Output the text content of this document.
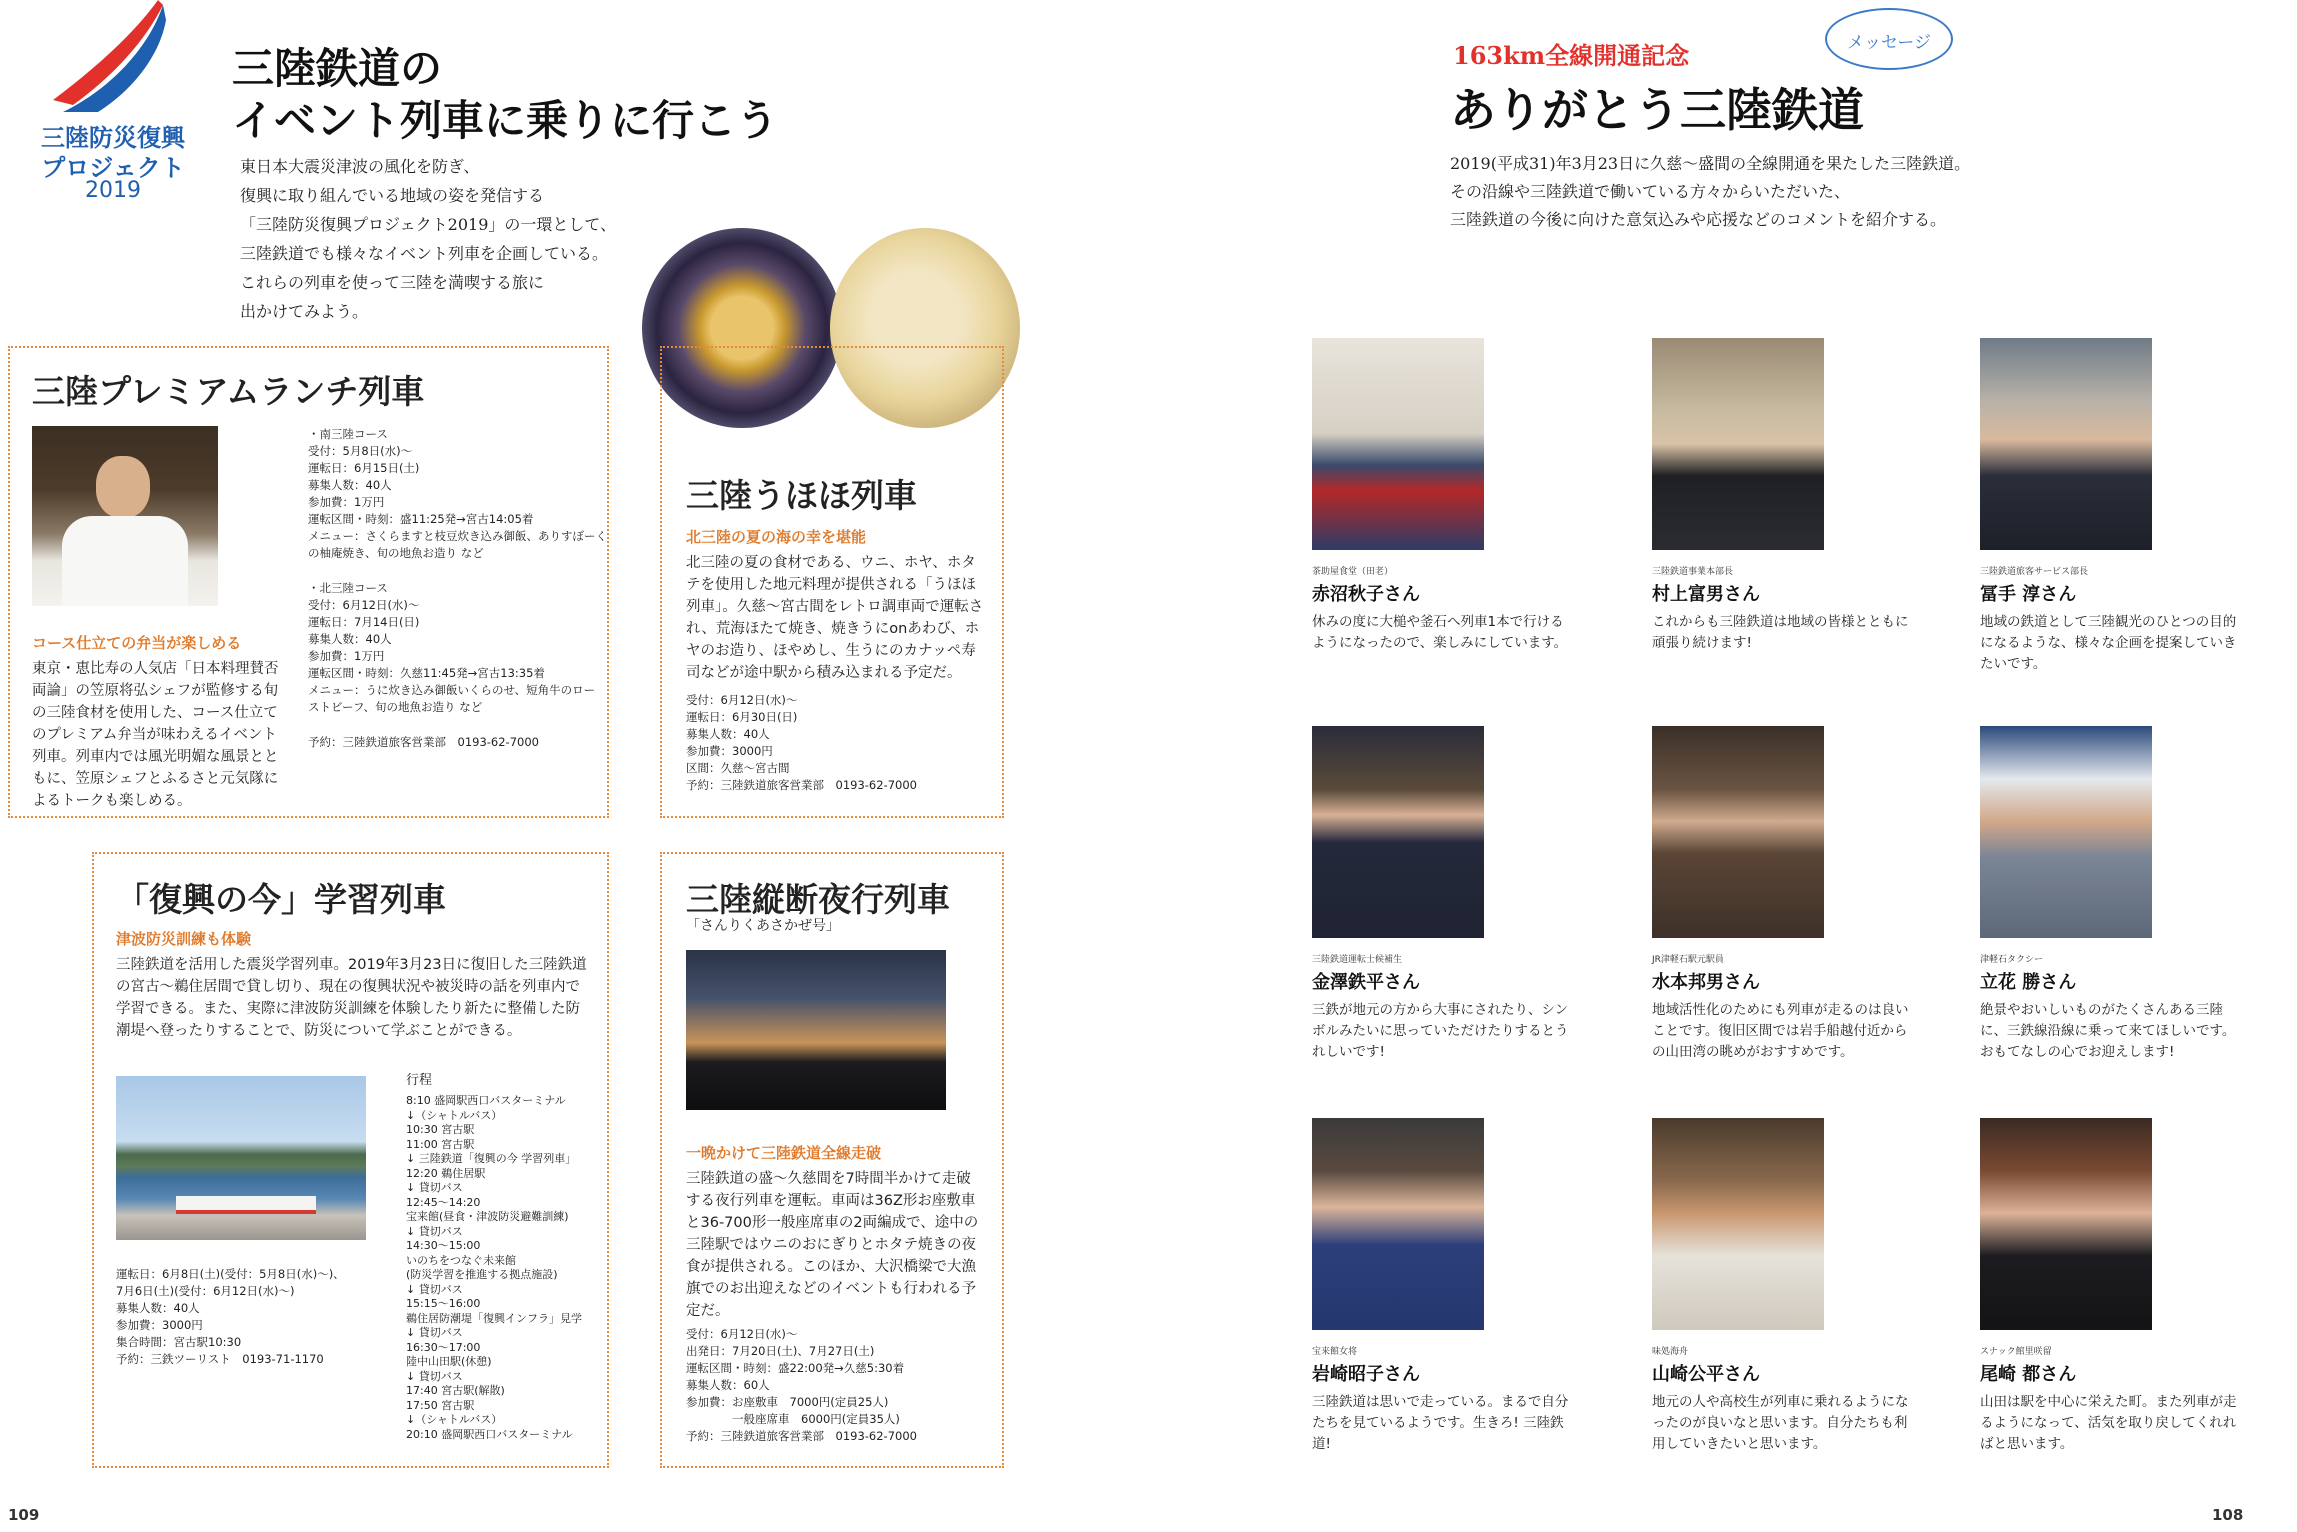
三陸防災復興
プロジェクト
2019
三陸鉄道の
イベント列車に乗りに行こう
東日本大震災津波の風化を防ぎ、
復興に取り組んでいる地域の姿を発信する
「三陸防災復興プロジェクト2019」の一環として、
三陸鉄道でも様々なイベント列車を企画している。
これらの列車を使って三陸を満喫する旅に
出かけてみよう。
三陸プレミアムランチ列車
コース仕立ての弁当が楽しめる
東京・恵比寿の人気店「日本料理賛否両論」の笠原将弘シェフが監修する旬の三陸食材を使用した、コース仕立てのプレミアム弁当が味わえるイベント列車。列車内では風光明媚な風景とともに、笠原シェフとふるさと元気隊によるトークも楽しめる。
・南三陸コース
受付：5月8日(水)～
運転日：6月15日(土)
募集人数：40人
参加費：1万円
運転区間・時刻：盛11:25発→宮古14:05着
メニュー：さくらますと枝豆炊き込み御飯、ありすぼーく
の柚庵焼き、旬の地魚お造り など
・北三陸コース
受付：6月12日(水)～
運転日：7月14日(日)
募集人数：40人
参加費：1万円
運転区間・時刻：久慈11:45発→宮古13:35着
メニュー：うに炊き込み御飯いくらのせ、短角牛のロー
ストビーフ、旬の地魚お造り など
予約：三陸鉄道旅客営業部　0193-62-7000
三陸うほほ列車
北三陸の夏の海の幸を堪能
北三陸の夏の食材である、ウニ、ホヤ、ホタテを使用した地元料理が提供される「うほほ列車」。久慈～宮古間をレトロ調車両で運転され、荒海ほたて焼き、焼きうにonあわび、ホヤのお造り、ほやめし、生うにのカナッペ寿司などが途中駅から積み込まれる予定だ。
受付：6月12日(水)～
運転日：6月30日(日)
募集人数：40人
参加費：3000円
区間：久慈～宮古間
予約：三陸鉄道旅客営業部　0193-62-7000
「復興の今」学習列車
津波防災訓練も体験
三陸鉄道を活用した震災学習列車。2019年3月23日に復旧した三陸鉄道の宮古～鵜住居間で貸し切り、現在の復興状況や被災時の話を列車内で学習できる。また、実際に津波防災訓練を体験したり新たに整備した防潮堤へ登ったりすることで、防災について学ぶことができる。
運転日：6月8日(土)(受付：5月8日(水)～)、
7月6日(土)(受付：6月12日(水)～)
募集人数：40人
参加費：3000円
集合時間：宮古駅10:30
予約：三鉄ツーリスト　0193-71-1170
行程
8:10 盛岡駅西口バスターミナル
↓（シャトルバス）
10:30 宮古駅
11:00 宮古駅
↓ 三陸鉄道「復興の今 学習列車」
12:20 鵜住居駅
↓ 貸切バス
12:45～14:20
宝来館(昼食・津波防災避難訓練)
↓ 貸切バス
14:30～15:00
いのちをつなぐ未来館
(防災学習を推進する拠点施設)
↓ 貸切バス
15:15～16:00
鵜住居防潮堤「復興インフラ」見学
↓ 貸切バス
16:30～17:00
陸中山田駅(休憩)
↓ 貸切バス
17:40 宮古駅(解散)
17:50 宮古駅
↓（シャトルバス）
20:10 盛岡駅西口バスターミナル
三陸縦断夜行列車
「さんりくあさかぜ号」
一晩かけて三陸鉄道全線走破
三陸鉄道の盛～久慈間を7時間半かけて走破する夜行列車を運転。車両は36Z形お座敷車と36-700形一般座席車の2両編成で、途中の三陸駅ではウニのおにぎりとホタテ焼きの夜食が提供される。このほか、大沢橋梁で大漁旗でのお出迎えなどのイベントも行われる予定だ。
受付：6月12日(水)～
出発日：7月20日(土)、7月27日(土)
運転区間・時刻：盛22:00発→久慈5:30着
募集人数：60人
参加費：お座敷車　7000円(定員25人)
　　　　一般座席車　6000円(定員35人)
予約：三陸鉄道旅客営業部　0193-62-7000
109
163km全線開通記念	メッセージ
ありがとう三陸鉄道
2019(平成31)年3月23日に久慈～盛間の全線開通を果たした三陸鉄道。
その沿線や三陸鉄道で働いている方々からいただいた、
三陸鉄道の今後に向けた意気込みや応援などのコメントを紹介する。
茶助屋食堂（田老）
赤沼秋子さん
休みの度に大槌や釜石へ列車1本で行けるようになったので、楽しみにしています。
三陸鉄道事業本部長
村上富男さん
これからも三陸鉄道は地域の皆様とともに頑張り続けます!
三陸鉄道旅客サービス部長
冨手 淳さん
地域の鉄道として三陸観光のひとつの目的になるような、様々な企画を提案していきたいです。
三陸鉄道運転士候補生
金澤鉄平さん
三鉄が地元の方から大事にされたり、シンボルみたいに思っていただけたりするとうれしいです!
JR津軽石駅元駅員
水本邦男さん
地域活性化のためにも列車が走るのは良いことです。復旧区間では岩手船越付近からの山田湾の眺めがおすすめです。
津軽石タクシー
立花 勝さん
絶景やおいしいものがたくさんある三陸に、三鉄線沿線に乗って来てほしいです。おもてなしの心でお迎えします!
宝来館女将
岩崎昭子さん
三陸鉄道は思いで走っている。まるで自分たちを見ているようです。生きろ! 三陸鉄道!
味処海舟
山崎公平さん
地元の人や高校生が列車に乗れるようになったのが良いなと思います。自分たちも利用していきたいと思います。
スナック館里咲留
尾崎 都さん
山田は駅を中心に栄えた町。また列車が走るようになって、活気を取り戻してくれればと思います。
108
